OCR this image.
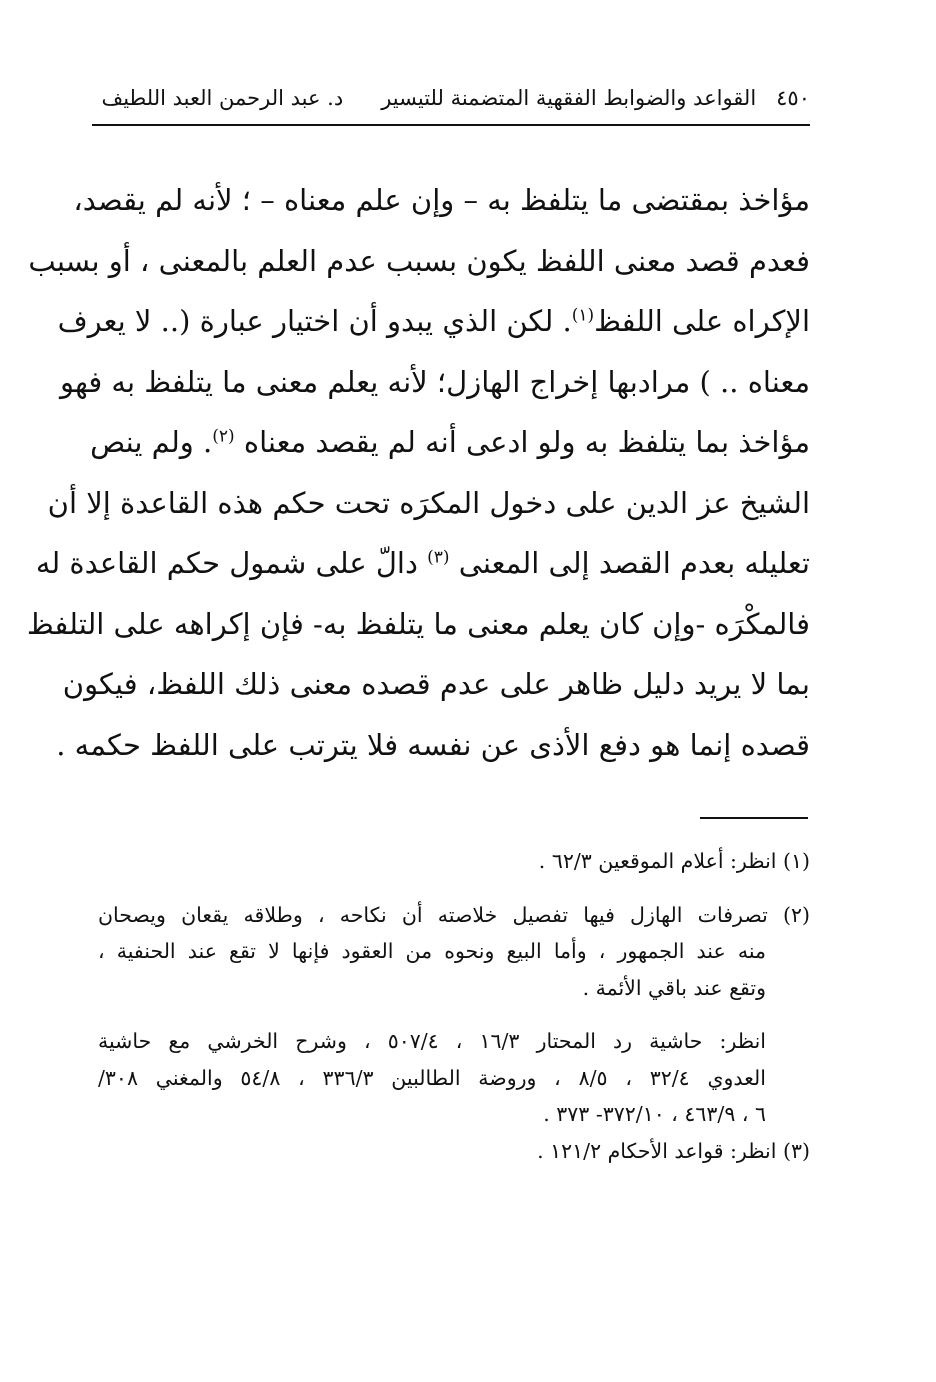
٤٥٠
القواعد والضوابط الفقهية المتضمنة للتيسير
د. عبد الرحمن العبد اللطيف

مؤاخذ بمقتضى ما يتلفظ به – وإن علم معناه – ؛ لأنه لم يقصد،

فعدم قصد معنى اللفظ يكون بسبب عدم العلم بالمعنى ، أو بسبب

الإكراه على اللفظ$^{(١)}$. لكن الذي يبدو أن اختيار عبارة (.. لا يعرف

معناه .. ) مرادبها إخراج الهازل؛ لأنه يعلم معنى ما يتلفظ به فهو

مؤاخذ بما يتلفظ به ولو ادعى أنه لم يقصد معناه $^{(٢)}$. ولم ينص

الشيخ عز الدين على دخول المكرَه تحت حكم هذه القاعدة إلا أن

تعليله بعدم القصد إلى المعنى $^{(٣)}$ دالّ على شمول حكم القاعدة له

فالمكْرَه -وإن كان يعلم معنى ما يتلفظ به- فإن إكراهه على التلفظ

بما لا يريد دليل ظاهر على عدم قصده معنى ذلك اللفظ، فيكون

قصده إنما هو دفع الأذى عن نفسه فلا يترتب على اللفظ حكمه .

(١) انظر: أعلام الموقعين ٦٢/٣ .

(٢) تصرفات الهازل فيها تفصيل خلاصته أن نكاحه ، وطلاقه يقعان ويصحان

منه عند الجمهور ، وأما البيع ونحوه من العقود فإنها لا تقع عند الحنفية ،

وتقع عند باقي الأئمة .

انظر: حاشية رد المحتار ١٦/٣ ، ٥٠٧/٤ ، وشرح الخرشي مع حاشية

العدوي ٣٢/٤ ، ٨/٥ ، وروضة الطالبين ٣٣٦/٣ ، ٥٤/٨ والمغني ٣٠٨/

٦ ، ٤٦٣/٩ ، ٣٧٢/١٠- ٣٧٣ .

(٣) انظر: قواعد الأحكام ١٢١/٢ .
